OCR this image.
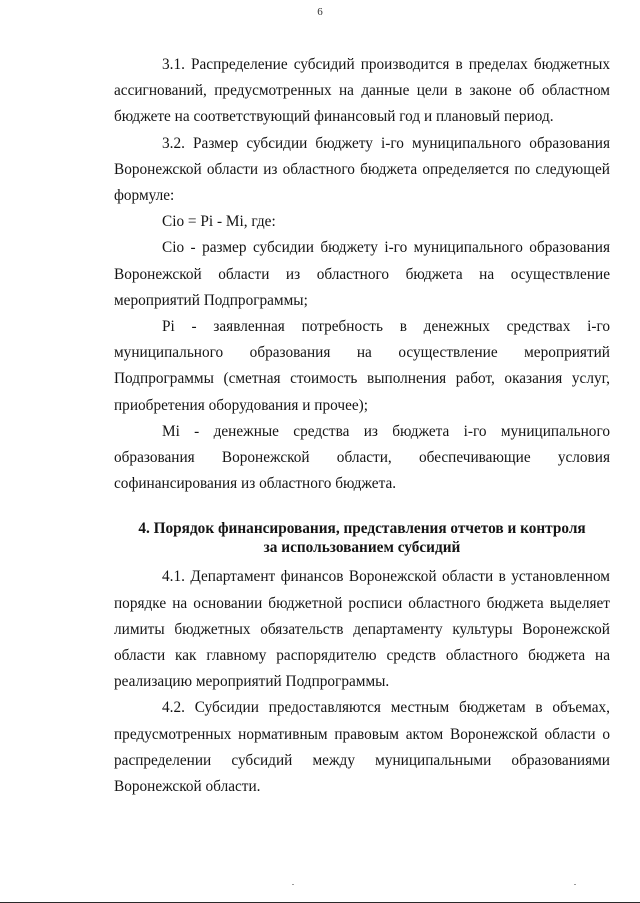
6

3.1. Распределение субсидий производится в пределах бюджетных ассигнований, предусмотренных на данные цели в законе об областном бюджете на соответствующий финансовый год и плановый период.

3.2. Размер субсидии бюджету i-го муниципального образования Воронежской области из областного бюджета определяется по следующей формуле:

Сio = Pi - Mi, где:

Сio - размер субсидии бюджету i-го муниципального образования Воронежской области из областного бюджета на осуществление мероприятий Подпрограммы;

Pi - заявленная потребность в денежных средствах i-го муниципального образования на осуществление мероприятий Подпрограммы (сметная стоимость выполнения работ, оказания услуг, приобретения оборудования и прочее);

Mi - денежные средства из бюджета i-го муниципального образования Воронежской области, обеспечивающие условия софинансирования из областного бюджета.

4. Порядок финансирования, представления отчетов и контроля

за использованием субсидий

4.1. Департамент финансов Воронежской области в установленном порядке на основании бюджетной росписи областного бюджета выделяет лимиты бюджетных обязательств департаменту культуры Воронежской области как главному распорядителю средств областного бюджета на реализацию мероприятий Подпрограммы.

4.2. Субсидии предоставляются местным бюджетам в объемах, предусмотренных нормативным правовым актом Воронежской области о распределении субсидий между муниципальными образованиями Воронежской области.
